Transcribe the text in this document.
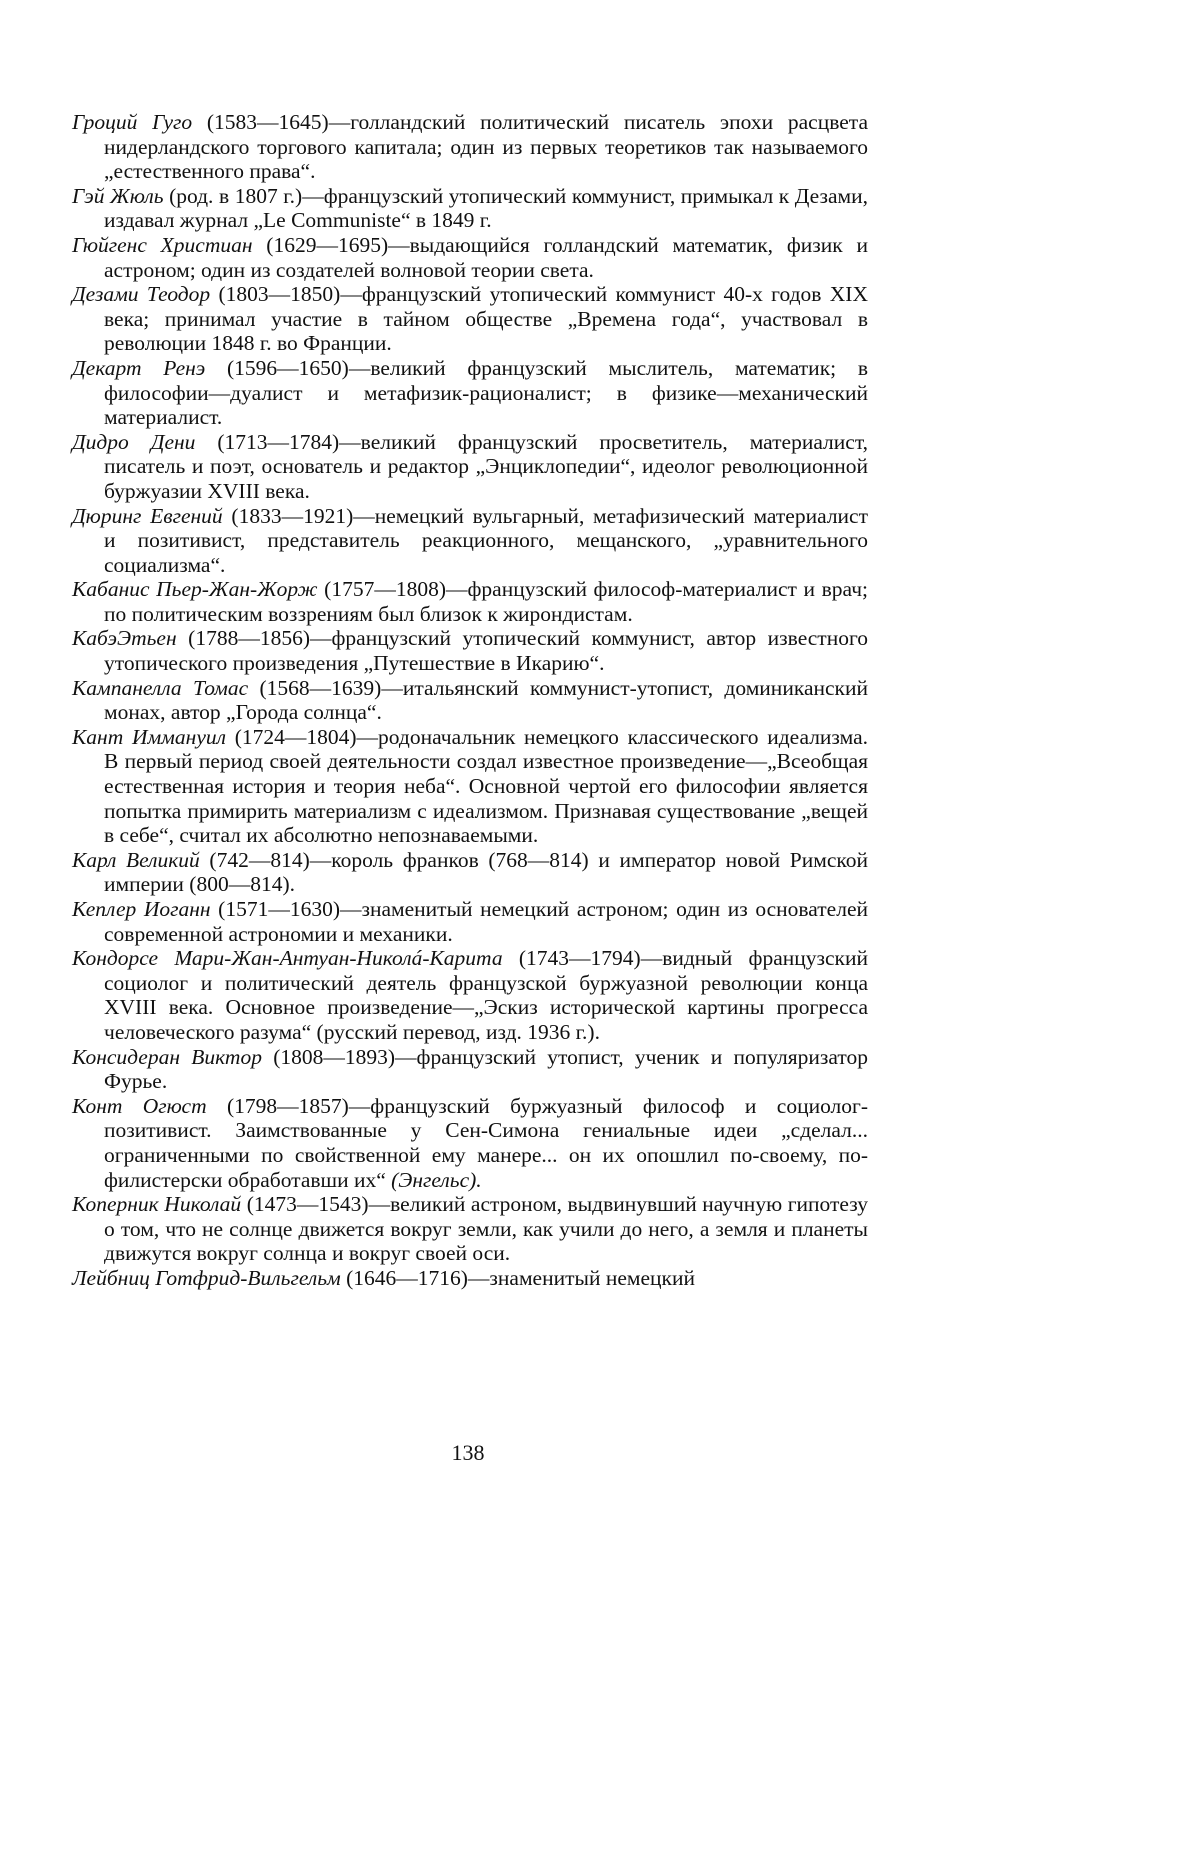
Гроций Гуго (1583—1645)—голландский политический писатель эпохи расцвета нидерландского торгового капитала; один из первых теоретиков так называемого „естественного права“.

Гэй Жюль (род. в 1807 г.)—французский утопический коммунист, примыкал к Дезами, издавал журнал „Le Communiste“ в 1849 г.

Гюйгенс Христиан (1629—1695)—выдающийся голландский математик, физик и астроном; один из создателей волновой теории света.

Дезами Теодор (1803—1850)—французский утопический коммунист 40-х годов XIX века; принимал участие в тайном обществе „Времена года“, участвовал в революции 1848 г. во Франции.

Декарт Ренэ (1596—1650)—великий французский мыслитель, математик; в философии—дуалист и метафизик-рационалист; в физике—механический материалист.

Дидро Дени (1713—1784)—великий французский просветитель, материалист, писатель и поэт, основатель и редактор „Энциклопедии“, идеолог революционной буржуазии XVIII века.

Дюринг Евгений (1833—1921)—немецкий вульгарный, метафизический материалист и позитивист, представитель реакционного, мещанского, „уравнительного социализма“.

Кабанис Пьер-Жан-Жорж (1757—1808)—французский философ-материалист и врач; по политическим воззрениям был близок к жирондистам.

КабэЭтьен (1788—1856)—французский утопический коммунист, автор известного утопического произведения „Путешествие в Икарию“.

Кампанелла Томас (1568—1639)—итальянский коммунист-утопист, доминиканский монах, автор „Города солнца“.

Кант Иммануил (1724—1804)—родоначальник немецкого классического идеализма. В первый период своей деятельности создал известное произведение—„Всеобщая естественная история и теория неба“. Основной чертой его философии является попытка примирить материализм с идеализмом. Признавая существование „вещей в себе“, считал их абсолютно непознаваемыми.

Карл Великий (742—814)—король франков (768—814) и император новой Римской империи (800—814).

Кеплер Иоганн (1571—1630)—знаменитый немецкий астроном; один из основателей современной астрономии и механики.

Кондорсе Мари-Жан-Антуан-Николá-Карита (1743—1794)—видный французский социолог и политический деятель французской буржуазной революции конца XVIII века. Основное произведение—„Эскиз исторической картины прогресса человеческого разума“ (русский перевод, изд. 1936 г.).

Консидеран Виктор (1808—1893)—французский утопист, ученик и популяризатор Фурье.

Конт Огюст (1798—1857)—французский буржуазный философ и социолог-позитивист. Заимствованные у Сен-Симона гениальные идеи „сделал... ограниченными по свойственной ему манере... он их опошлил по-своему, по-филистерски обработавши их“ (Энгельс).

Коперник Николай (1473—1543)—великий астроном, выдвинувший научную гипотезу о том, что не солнце движется вокруг земли, как учили до него, а земля и планеты движутся вокруг солнца и вокруг своей оси.

Лейбниц Готфрид-Вильгельм (1646—1716)—знаменитый немецкий

138
